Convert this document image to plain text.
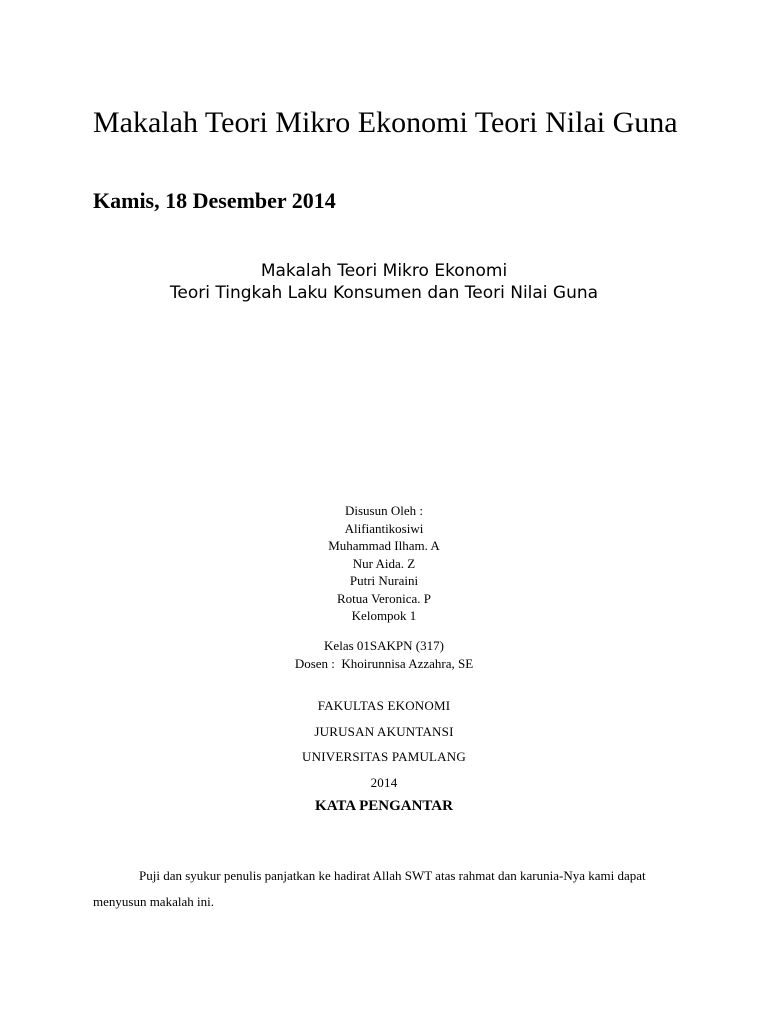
Makalah Teori Mikro Ekonomi Teori Nilai Guna
Kamis, 18 Desember 2014
Makalah Teori Mikro Ekonomi
Teori Tingkah Laku Konsumen dan Teori Nilai Guna
Disusun Oleh :
Alifiantikosiwi
Muhammad Ilham. A
Nur Aida. Z
Putri Nuraini
Rotua Veronica. P
Kelompok 1
Kelas 01SAKPN (317)
Dosen :  Khoirunnisa Azzahra, SE
FAKULTAS EKONOMI
JURUSAN AKUNTANSI
UNIVERSITAS PAMULANG
2014
KATA PENGANTAR

Puji dan syukur penulis panjatkan ke hadirat Allah SWT atas rahmat dan karunia-Nya kami dapat menyusun makalah ini.
